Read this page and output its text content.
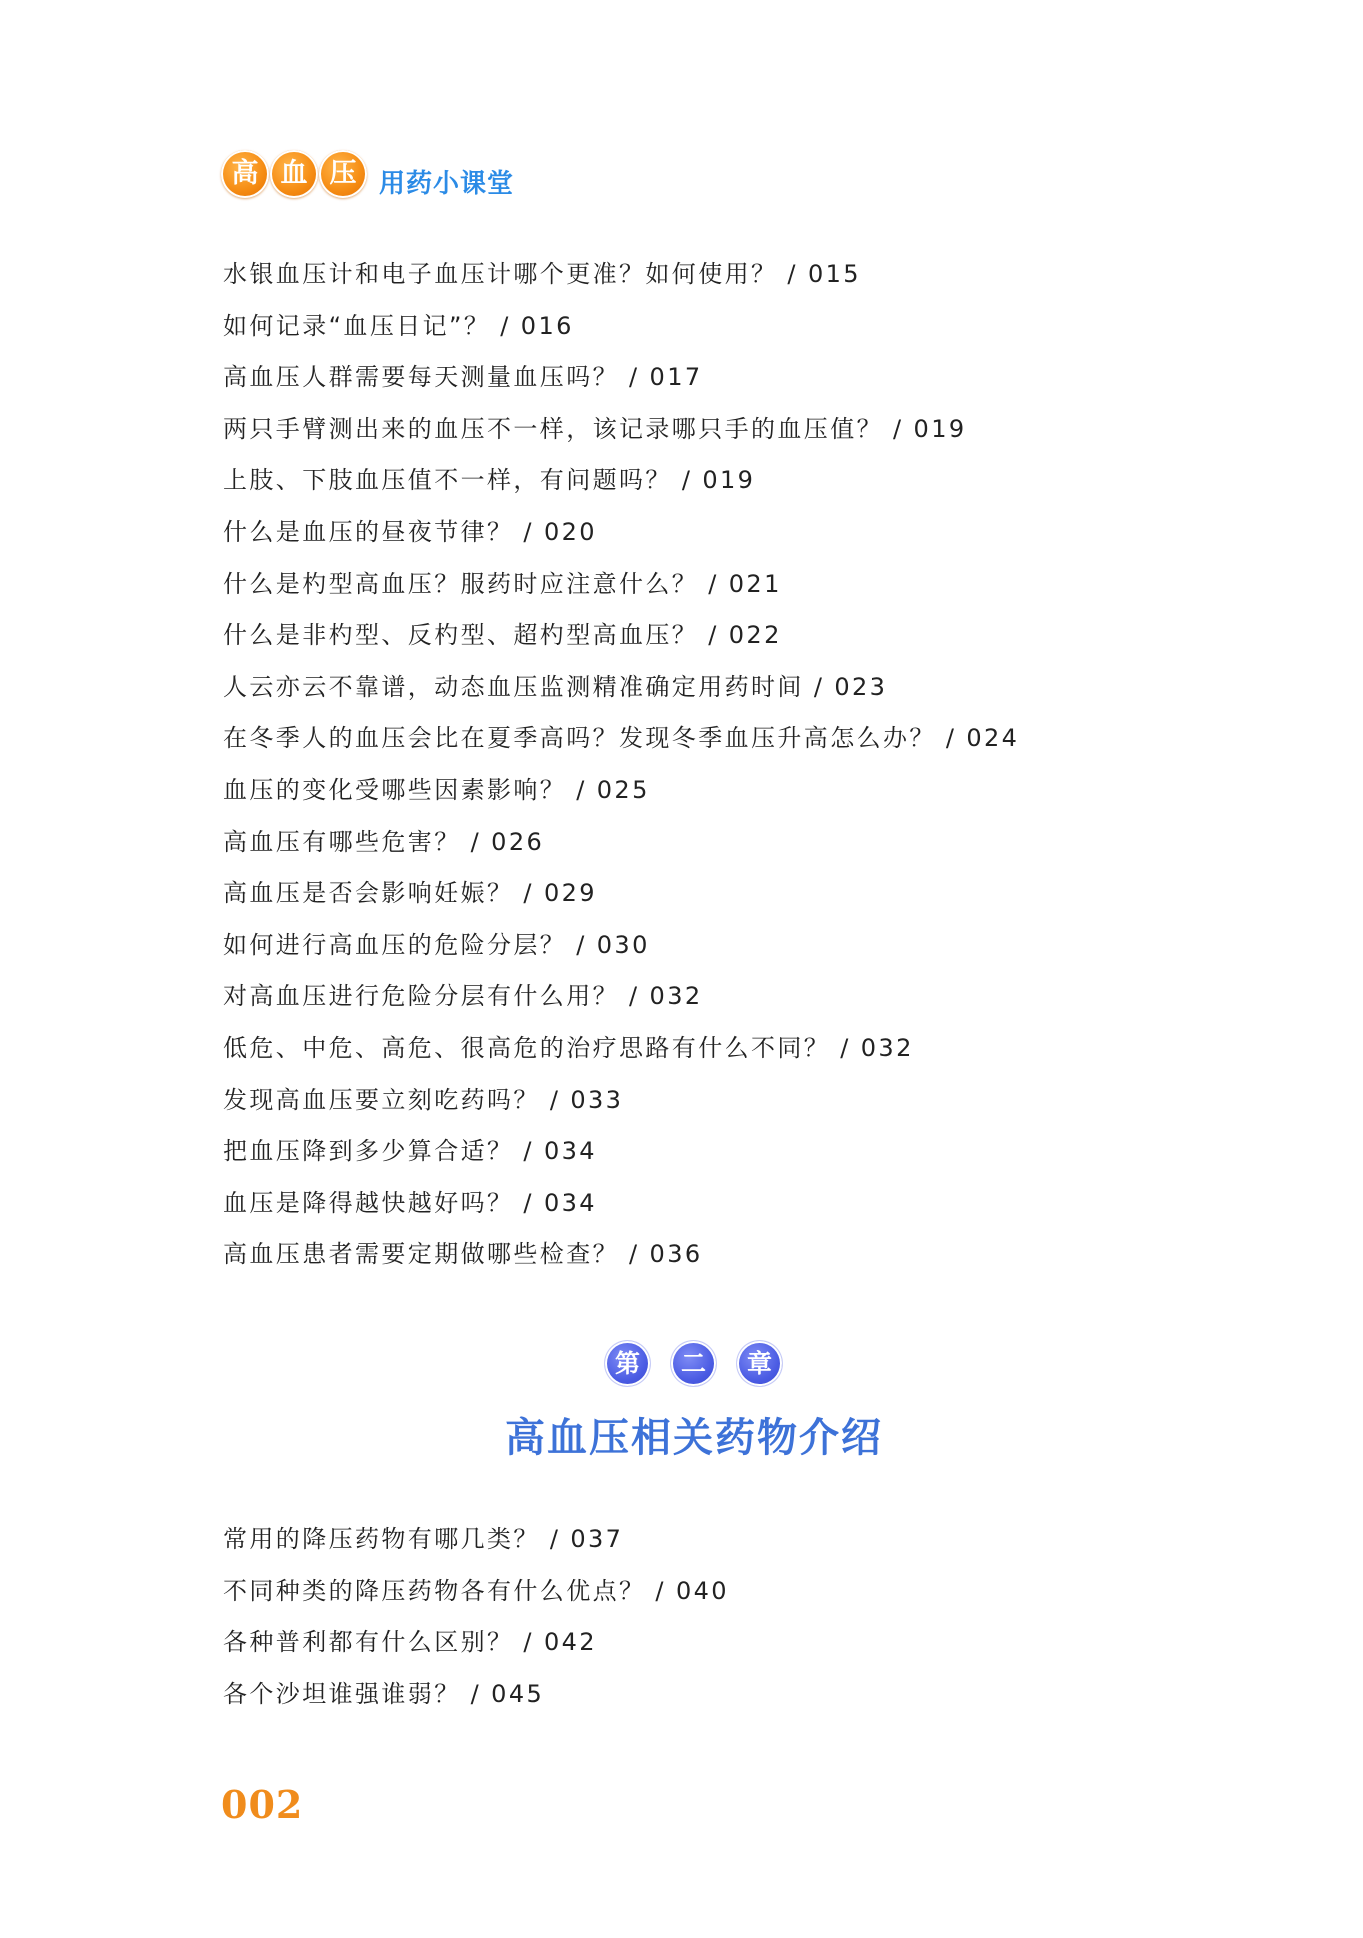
高 血 压 用药小课堂
水银血压计和电子血压计哪个更准？如何使用？ / 015
如何记录“血压日记”？ / 016
高血压人群需要每天测量血压吗？ / 017
两只手臂测出来的血压不一样，该记录哪只手的血压值？ / 019
上肢、下肢血压值不一样，有问题吗？ / 019
什么是血压的昼夜节律？ / 020
什么是杓型高血压？服药时应注意什么？ / 021
什么是非杓型、反杓型、超杓型高血压？ / 022
人云亦云不靠谱，动态血压监测精准确定用药时间 / 023
在冬季人的血压会比在夏季高吗？发现冬季血压升高怎么办？ / 024
血压的变化受哪些因素影响？ / 025
高血压有哪些危害？ / 026
高血压是否会影响妊娠？ / 029
如何进行高血压的危险分层？ / 030
对高血压进行危险分层有什么用？ / 032
低危、中危、高危、很高危的治疗思路有什么不同？ / 032
发现高血压要立刻吃药吗？ / 033
把血压降到多少算合适？ / 034
血压是降得越快越好吗？ / 034
高血压患者需要定期做哪些检查？ / 036
第	二	章
高血压相关药物介绍
常用的降压药物有哪几类？ / 037
不同种类的降压药物各有什么优点？ / 040
各种普利都有什么区别？ / 042
各个沙坦谁强谁弱？ / 045
002
